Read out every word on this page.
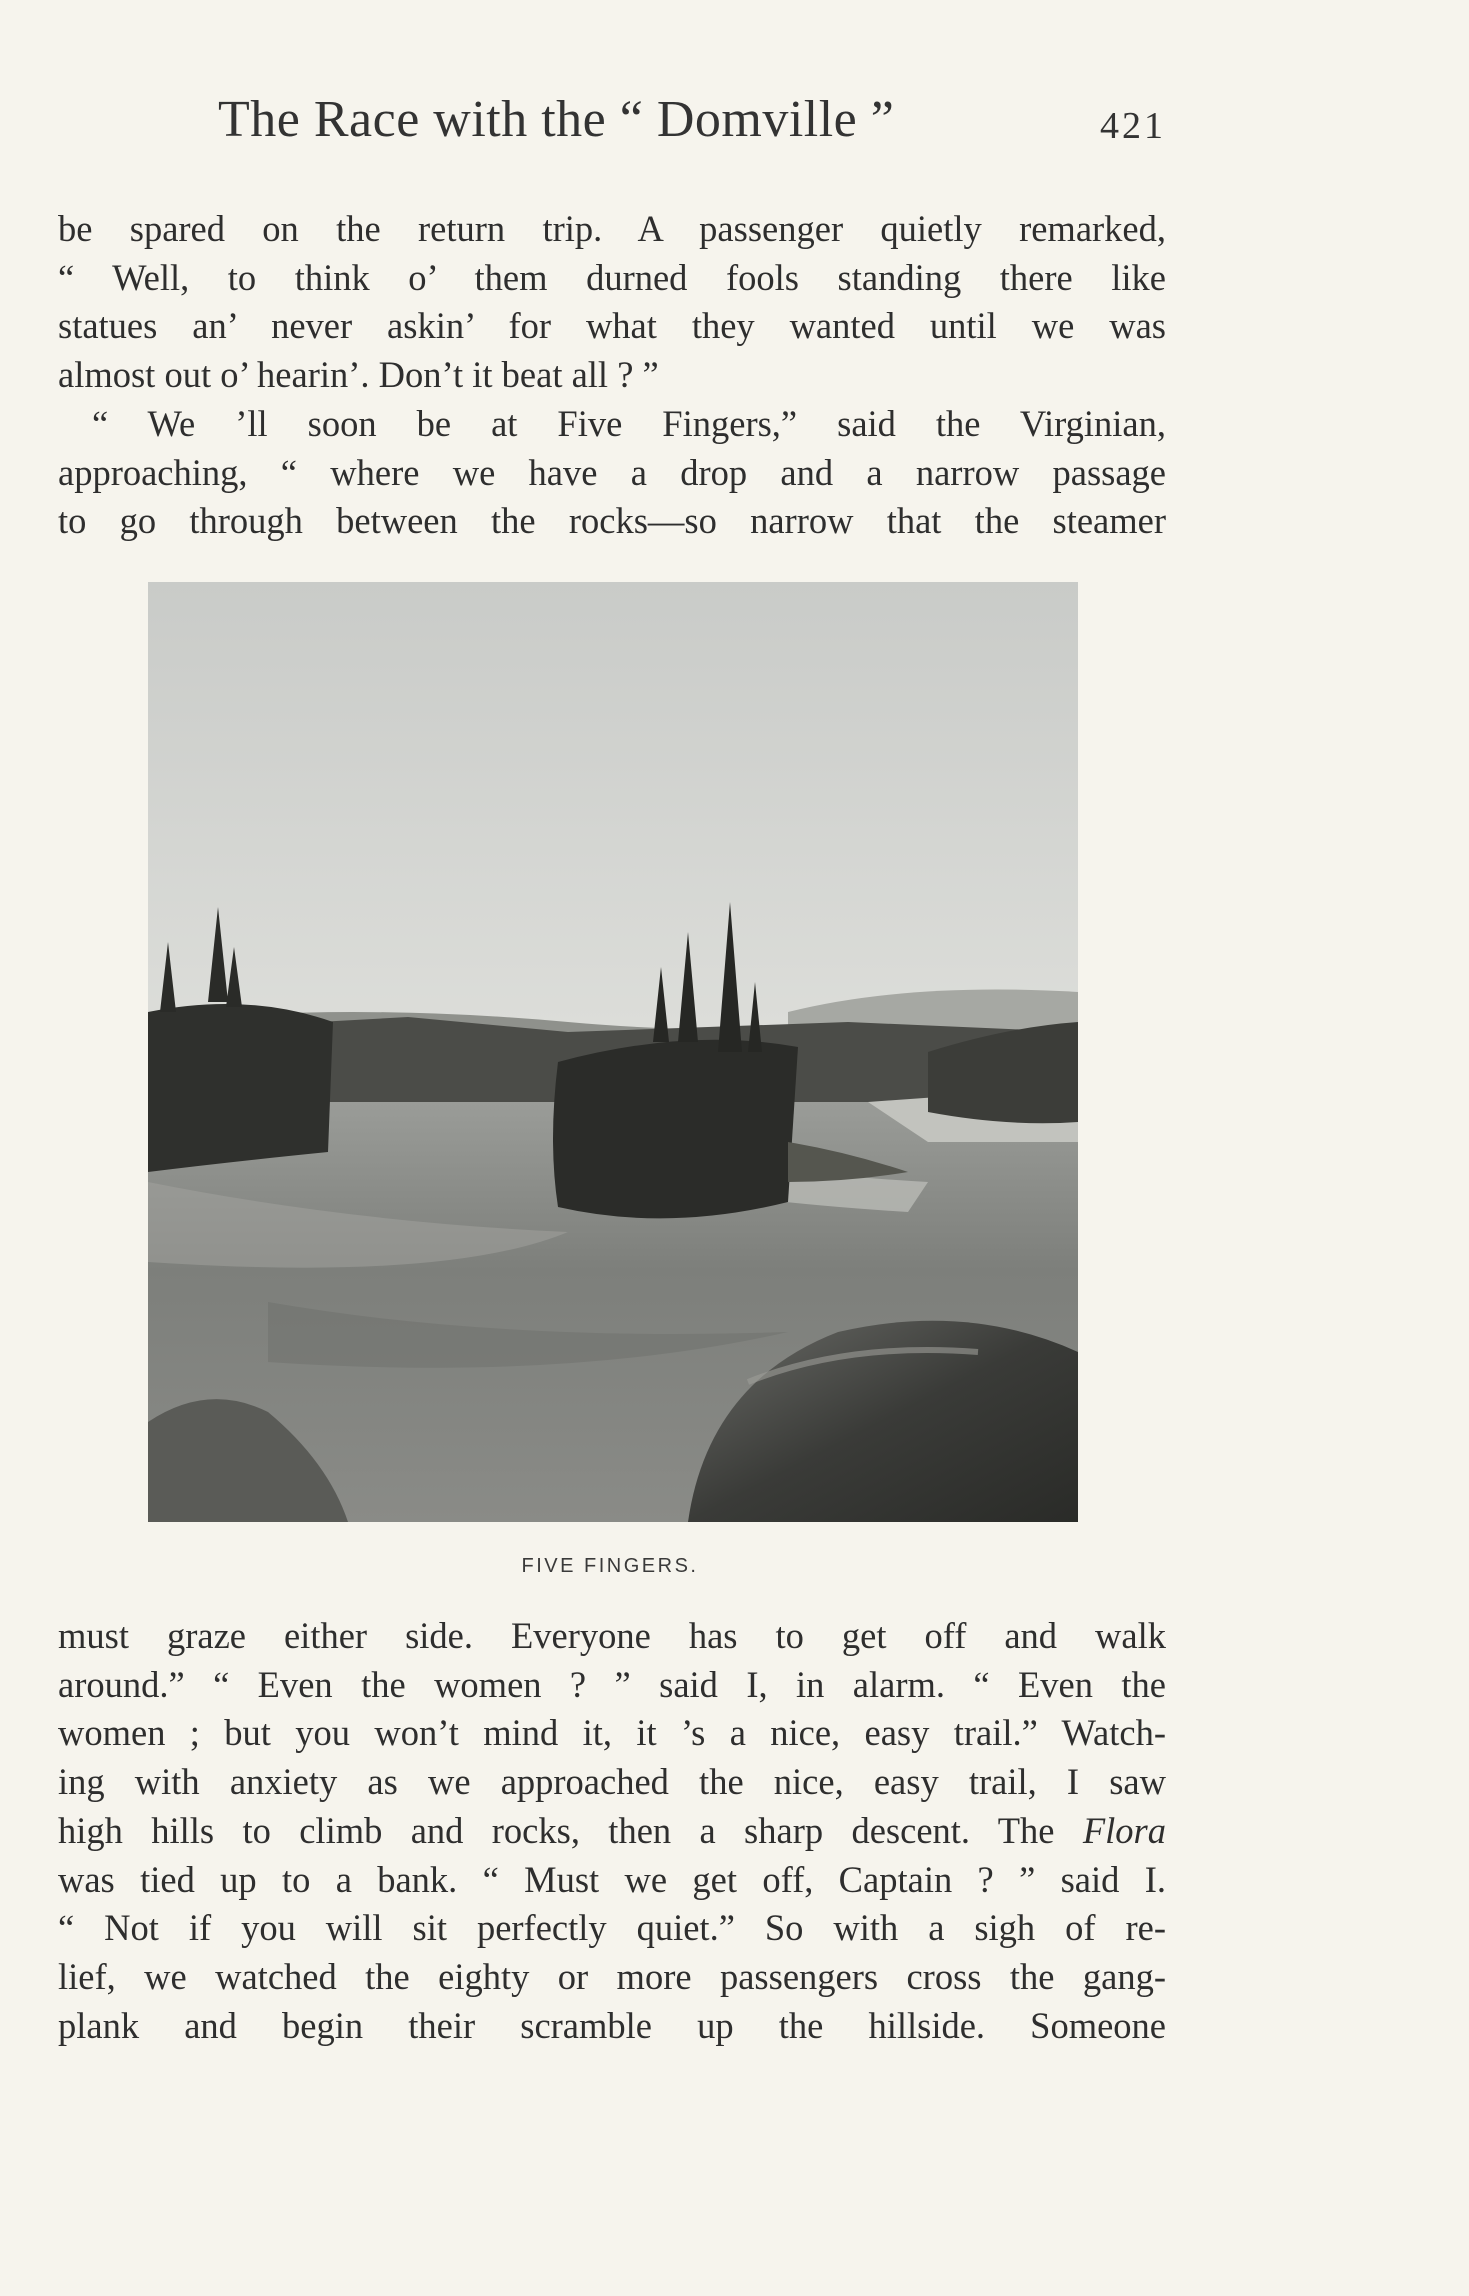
The Race with the “ Domville ”	421
be spared on the return trip. A passenger quietly remarked,
“ Well, to think o’ them durned fools standing there like
statues an’ never askin’ for what they wanted until we was
almost out o’ hearin’. Don’t it beat all ? ”
“ We ’ll soon be at Five Fingers,” said the Virginian,
approaching, “ where we have a drop and a narrow passage
to go through between the rocks—so narrow that the steamer
FIVE FINGERS.
must graze either side. Everyone has to get off and walk
around.” “ Even the women ? ” said I, in alarm. “ Even the
women ; but you won’t mind it, it ’s a nice, easy trail.” Watch-
ing with anxiety as we approached the nice, easy trail, I saw
high hills to climb and rocks, then a sharp descent. The Flora
was tied up to a bank. “ Must we get off, Captain ? ” said I.
“ Not if you will sit perfectly quiet.” So with a sigh of re-
lief, we watched the eighty or more passengers cross the gang-
plank and begin their scramble up the hillside. Someone
